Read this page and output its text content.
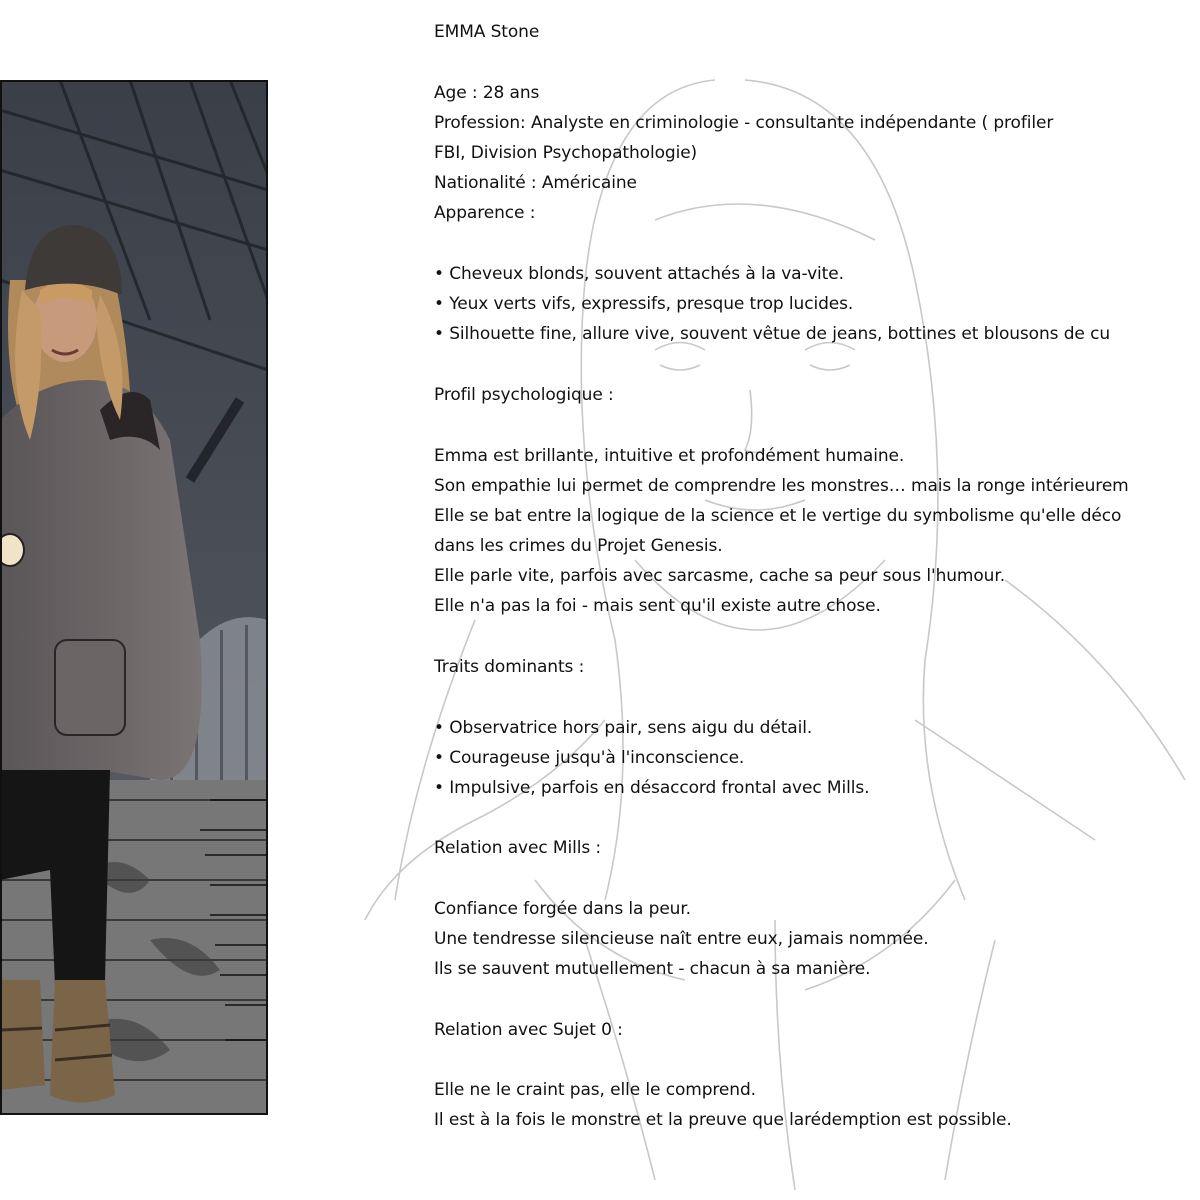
EMMA Stone
Age : 28 ans
Profession: Analyste en criminologie - consultante indépendante ( profiler
FBI, Division Psychopathologie)
Nationalité : Américaine
Apparence :
• Cheveux blonds, souvent attachés à la va-vite.
• Yeux verts vifs, expressifs, presque trop lucides.
• Silhouette fine, allure vive, souvent vêtue de jeans, bottines et blousons de cu
Profil psychologique :
Emma est brillante, intuitive et profondément humaine.
Son empathie lui permet de comprendre les monstres… mais la ronge intérieurem
Elle se bat entre la logique de la science et le vertige du symbolisme qu'elle déco
dans les crimes du Projet Genesis.
Elle parle vite, parfois avec sarcasme, cache sa peur sous l'humour.
Elle n'a pas la foi - mais sent qu'il existe autre chose.
Traits dominants :
• Observatrice hors pair, sens aigu du détail.
• Courageuse jusqu'à l'inconscience.
• Impulsive, parfois en désaccord frontal avec Mills.
Relation avec Mills :
Confiance forgée dans la peur.
Une tendresse silencieuse naît entre eux, jamais nommée.
Ils se sauvent mutuellement - chacun à sa manière.
Relation avec Sujet 0 :
Elle ne le craint pas, elle le comprend.
Il est à la fois le monstre et la preuve que larédemption est possible.
